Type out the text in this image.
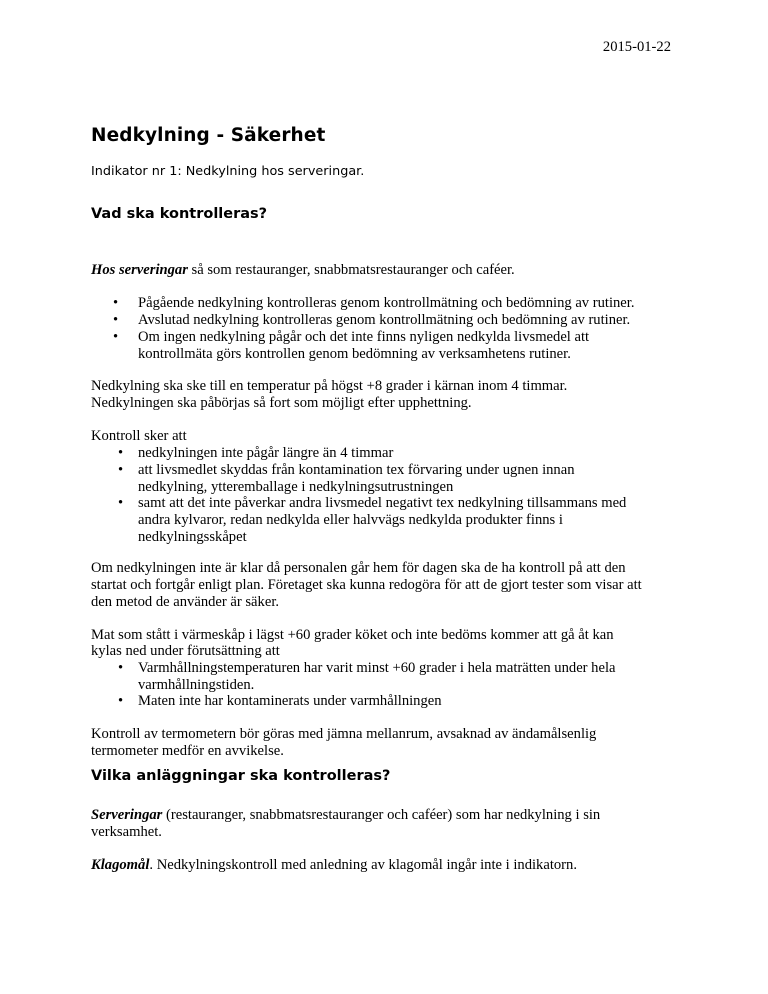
2015-01-22
Nedkylning - Säkerhet
Indikator nr 1: Nedkylning hos serveringar.
Vad ska kontrolleras?
Hos serveringar så som restauranger, snabbmatsrestauranger och caféer.
• Pågående nedkylning kontrolleras genom kontrollmätning och bedömning av rutiner.
• Avslutad nedkylning kontrolleras genom kontrollmätning och bedömning av rutiner.
• Om ingen nedkylning pågår och det inte finns nyligen nedkylda livsmedel att
kontrollmäta görs kontrollen genom bedömning av verksamhetens rutiner.
Nedkylning ska ske till en temperatur på högst +8 grader i kärnan inom 4 timmar.
Nedkylningen ska påbörjas så fort som möjligt efter upphettning.
Kontroll sker att
• nedkylningen inte pågår längre än 4 timmar
• att livsmedlet skyddas från kontamination tex förvaring under ugnen innan
nedkylning, ytteremballage i nedkylningsutrustningen
• samt att det inte påverkar andra livsmedel negativt tex nedkylning tillsammans med
andra kylvaror, redan nedkylda eller halvvägs nedkylda produkter finns i
nedkylningsskåpet
Om nedkylningen inte är klar då personalen går hem för dagen ska de ha kontroll på att den
startat och fortgår enligt plan. Företaget ska kunna redogöra för att de gjort tester som visar att
den metod de använder är säker.
Mat som stått i värmeskåp i lägst +60 grader köket och inte bedöms kommer att gå åt kan
kylas ned under förutsättning att
• Varmhållningstemperaturen har varit minst +60 grader i hela maträtten under hela
varmhållningstiden.
• Maten inte har kontaminerats under varmhållningen
Kontroll av termometern bör göras med jämna mellanrum, avsaknad av ändamålsenlig
termometer medför en avvikelse.
Vilka anläggningar ska kontrolleras?
Serveringar (restauranger, snabbmatsrestauranger och caféer) som har nedkylning i sin
verksamhet.
Klagomål. Nedkylningskontroll med anledning av klagomål ingår inte i indikatorn.
